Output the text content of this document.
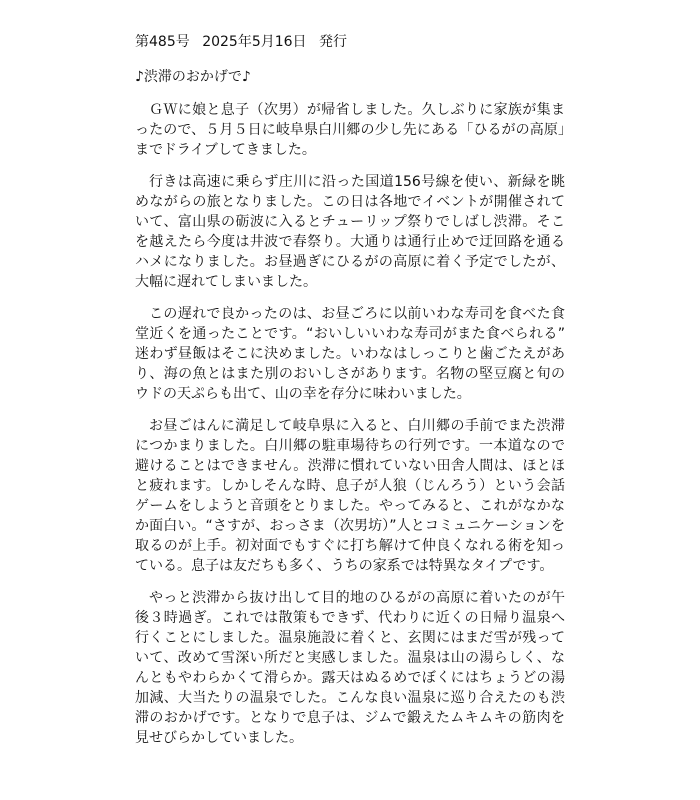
第485号 2025年5月16日 発行
♪渋滞のおかげで♪

ＧＷに娘と息子（次男）が帰省しました。久しぶりに家族が集まったので、５月５日に岐阜県白川郷の少し先にある「ひるがの高原」までドライブしてきました。

行きは高速に乗らず庄川に沿った国道156号線を使い、新緑を眺めながらの旅となりました。この日は各地でイベントが開催されていて、富山県の砺波に入るとチューリップ祭りでしばし渋滞。そこを越えたら今度は井波で春祭り。大通りは通行止めで迂回路を通るハメになりました。お昼過ぎにひるがの高原に着く予定でしたが、大幅に遅れてしまいました。

この遅れで良かったのは、お昼ごろに以前いわな寿司を食べた食堂近くを通ったことです。“おいしいいわな寿司がまた食べられる”迷わず昼飯はそこに決めました。いわなはしっこりと歯ごたえがあり、海の魚とはまた別のおいしさがあります。名物の堅豆腐と旬のウドの天ぷらも出て、山の幸を存分に味わいました。

お昼ごはんに満足して岐阜県に入ると、白川郷の手前でまた渋滞につかまりました。白川郷の駐車場待ちの行列です。一本道なので避けることはできません。渋滞に慣れていない田舎人間は、ほとほと疲れます。しかしそんな時、息子が人狼（じんろう）という会話ゲームをしようと音頭をとりました。やってみると、これがなかなか面白い。“さすが、おっさま（次男坊）”人とコミュニケーションを取るのが上手。初対面でもすぐに打ち解けて仲良くなれる術を知っている。息子は友だちも多く、うちの家系では特異なタイプです。

やっと渋滞から抜け出して目的地のひるがの高原に着いたのが午後３時過ぎ。これでは散策もできず、代わりに近くの日帰り温泉へ行くことにしました。温泉施設に着くと、玄関にはまだ雪が残っていて、改めて雪深い所だと実感しました。温泉は山の湯らしく、なんともやわらかくて滑らか。露天はぬるめでぼくにはちょうどの湯加減、大当たりの温泉でした。こんな良い温泉に巡り合えたのも渋滞のおかげです。となりで息子は、ジムで鍛えたムキムキの筋肉を見せびらかしていました。
